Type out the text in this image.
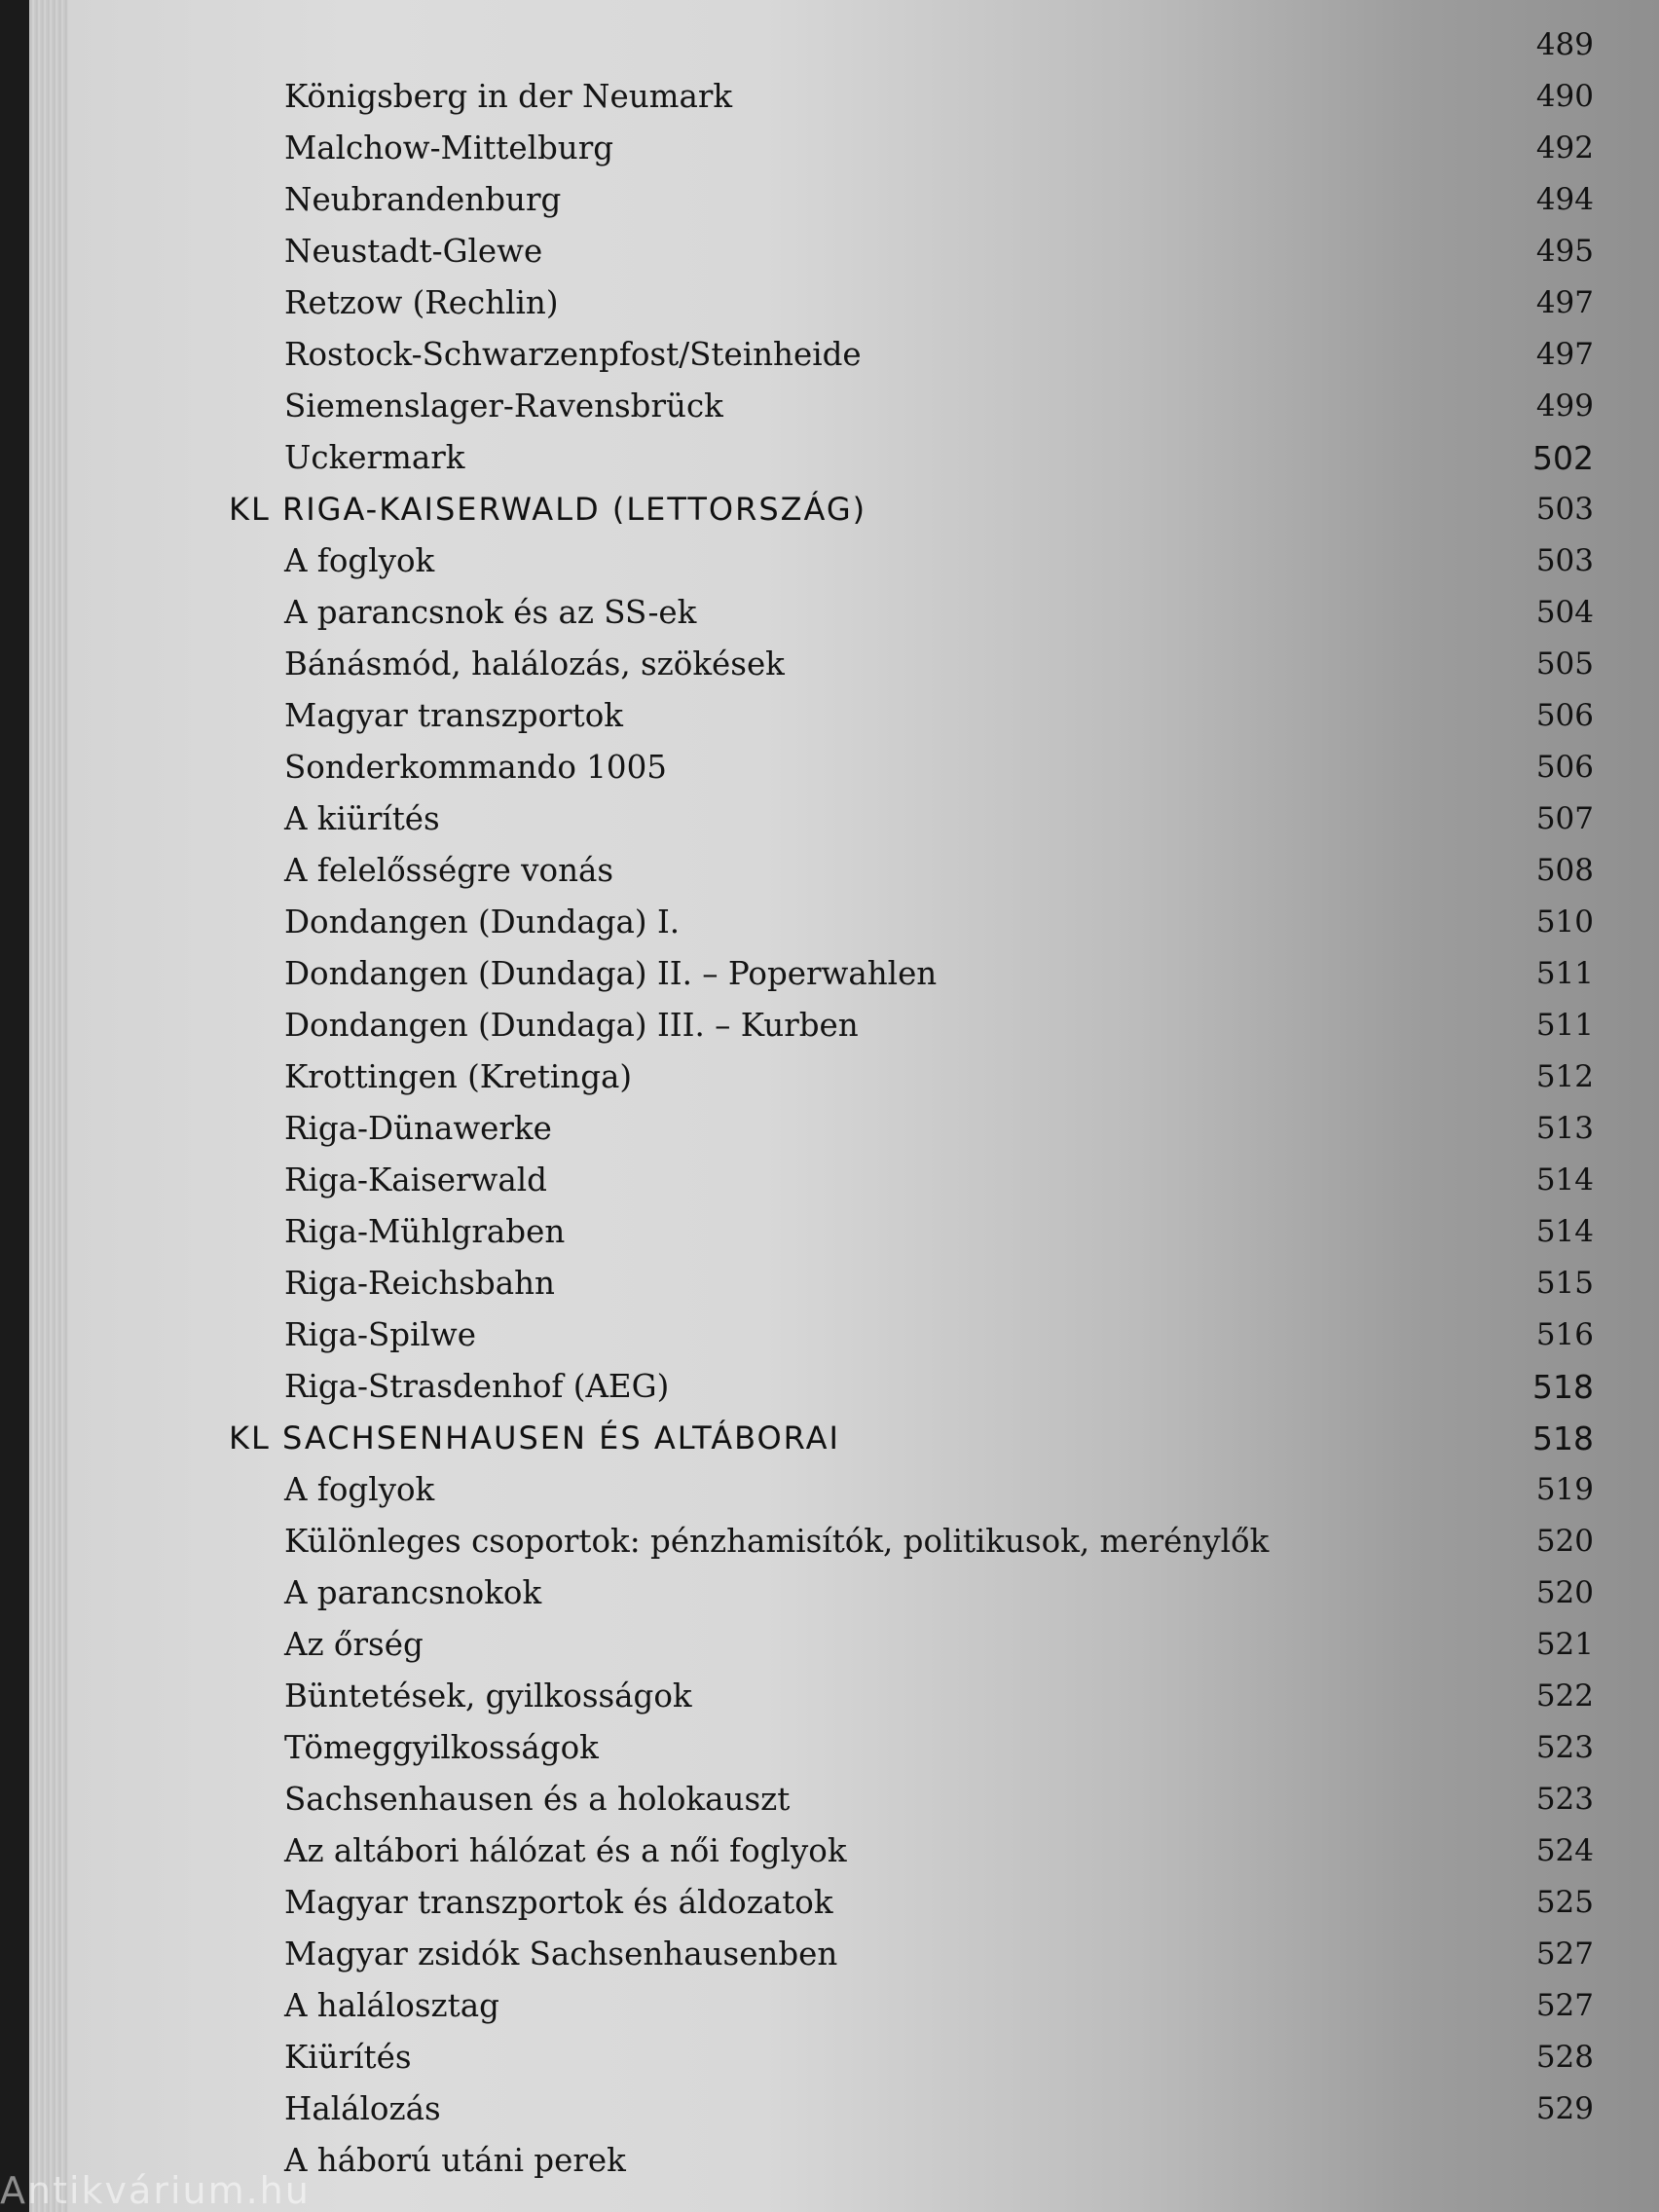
489
Königsberg in der Neumark	490
Malchow-Mittelburg	492
Neubrandenburg	494
Neustadt-Glewe	495
Retzow (Rechlin)	497
Rostock-Schwarzenpfost/Steinheide	497
Siemenslager-Ravensbrück	499
Uckermark	502
KL RIGA-KAISERWALD (LETTORSZÁG)	503
A foglyok	503
A parancsnok és az SS-ek	504
Bánásmód, halálozás, szökések	505
Magyar transzportok	506
Sonderkommando 1005	506
A kiürítés	507
A felelősségre vonás	508
Dondangen (Dundaga) I.	510
Dondangen (Dundaga) II. – Poperwahlen	511
Dondangen (Dundaga) III. – Kurben	511
Krottingen (Kretinga)	512
Riga-Dünawerke	513
Riga-Kaiserwald	514
Riga-Mühlgraben	514
Riga-Reichsbahn	515
Riga-Spilwe	516
Riga-Strasdenhof (AEG)	518
KL SACHSENHAUSEN ÉS ALTÁBORAI	518
A foglyok	519
Különleges csoportok: pénzhamisítók, politikusok, merénylők	520
A parancsnokok	520
Az őrség	521
Büntetések, gyilkosságok	522
Tömeggyilkosságok	523
Sachsenhausen és a holokauszt	523
Az altábori hálózat és a női foglyok	524
Magyar transzportok és áldozatok	525
Magyar zsidók Sachsenhausenben	527
A halálosztag	527
Kiürítés	528
Halálozás	529
A háború utáni perek
Antikvárium.hu
